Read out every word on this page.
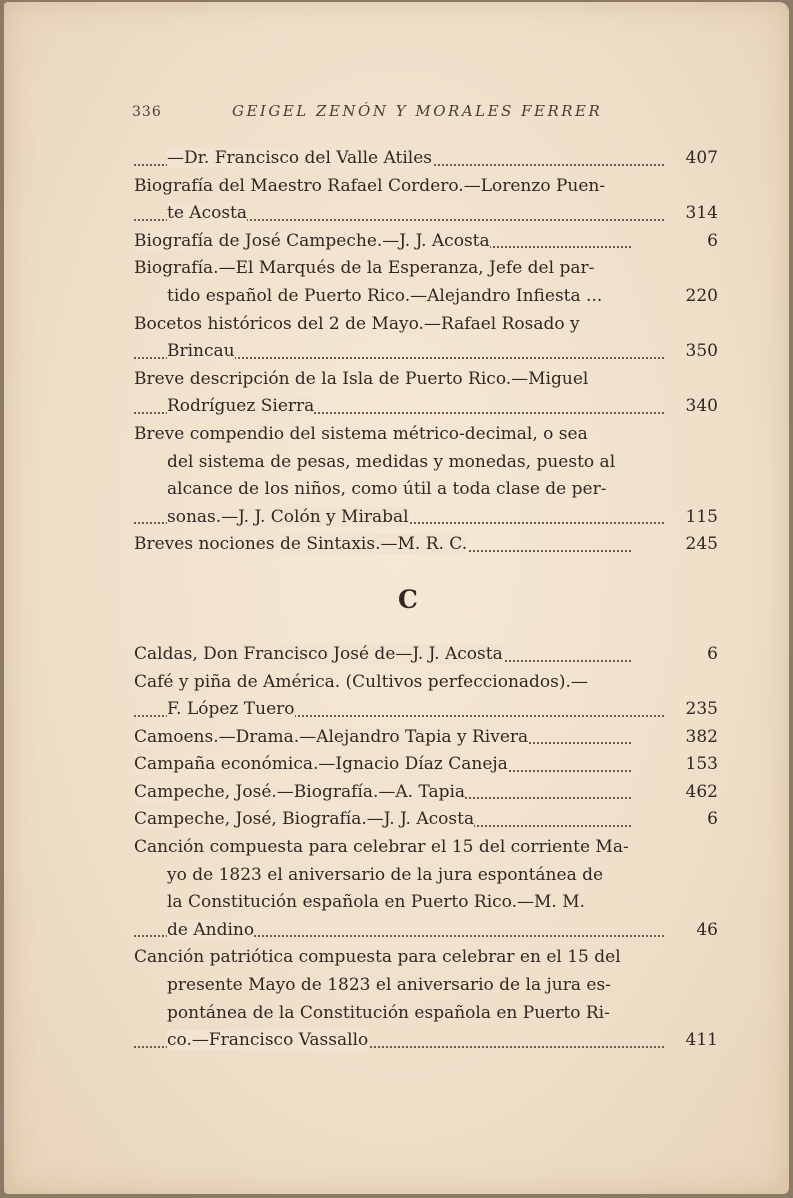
336	GEIGEL ZENÓN Y MORALES FERRER
—Dr. Francisco del Valle Atiles	407
Biografía del Maestro Rafael Cordero.—Lorenzo Puen-
te Acosta	314
Biografía de José Campeche.—J. J. Acosta	6
Biografía.—El Marqués de la Esperanza, Jefe del par-
tido español de Puerto Rico.—Alejandro Infiesta ...	220
Bocetos históricos del 2 de Mayo.—Rafael Rosado y
Brincau	350
Breve descripción de la Isla de Puerto Rico.—Miguel
Rodríguez Sierra	340
Breve compendio del sistema métrico-decimal, o sea
del sistema de pesas, medidas y monedas, puesto al
alcance de los niños, como útil a toda clase de per-
sonas.—J. J. Colón y Mirabal	115
Breves nociones de Sintaxis.—M. R. C.	245
C
Caldas, Don Francisco José de—J. J. Acosta	6
Café y piña de América. (Cultivos perfeccionados).—
F. López Tuero	235
Camoens.—Drama.—Alejandro Tapia y Rivera	382
Campaña económica.—Ignacio Díaz Caneja	153
Campeche, José.—Biografía.—A. Tapia	462
Campeche, José, Biografía.—J. J. Acosta	6
Canción compuesta para celebrar el 15 del corriente Ma-
yo de 1823 el aniversario de la jura espontánea de
la Constitución española en Puerto Rico.—M. M.
de Andino	46
Canción patriótica compuesta para celebrar en el 15 del
presente Mayo de 1823 el aniversario de la jura es-
pontánea de la Constitución española en Puerto Ri-
co.—Francisco Vassallo	411
